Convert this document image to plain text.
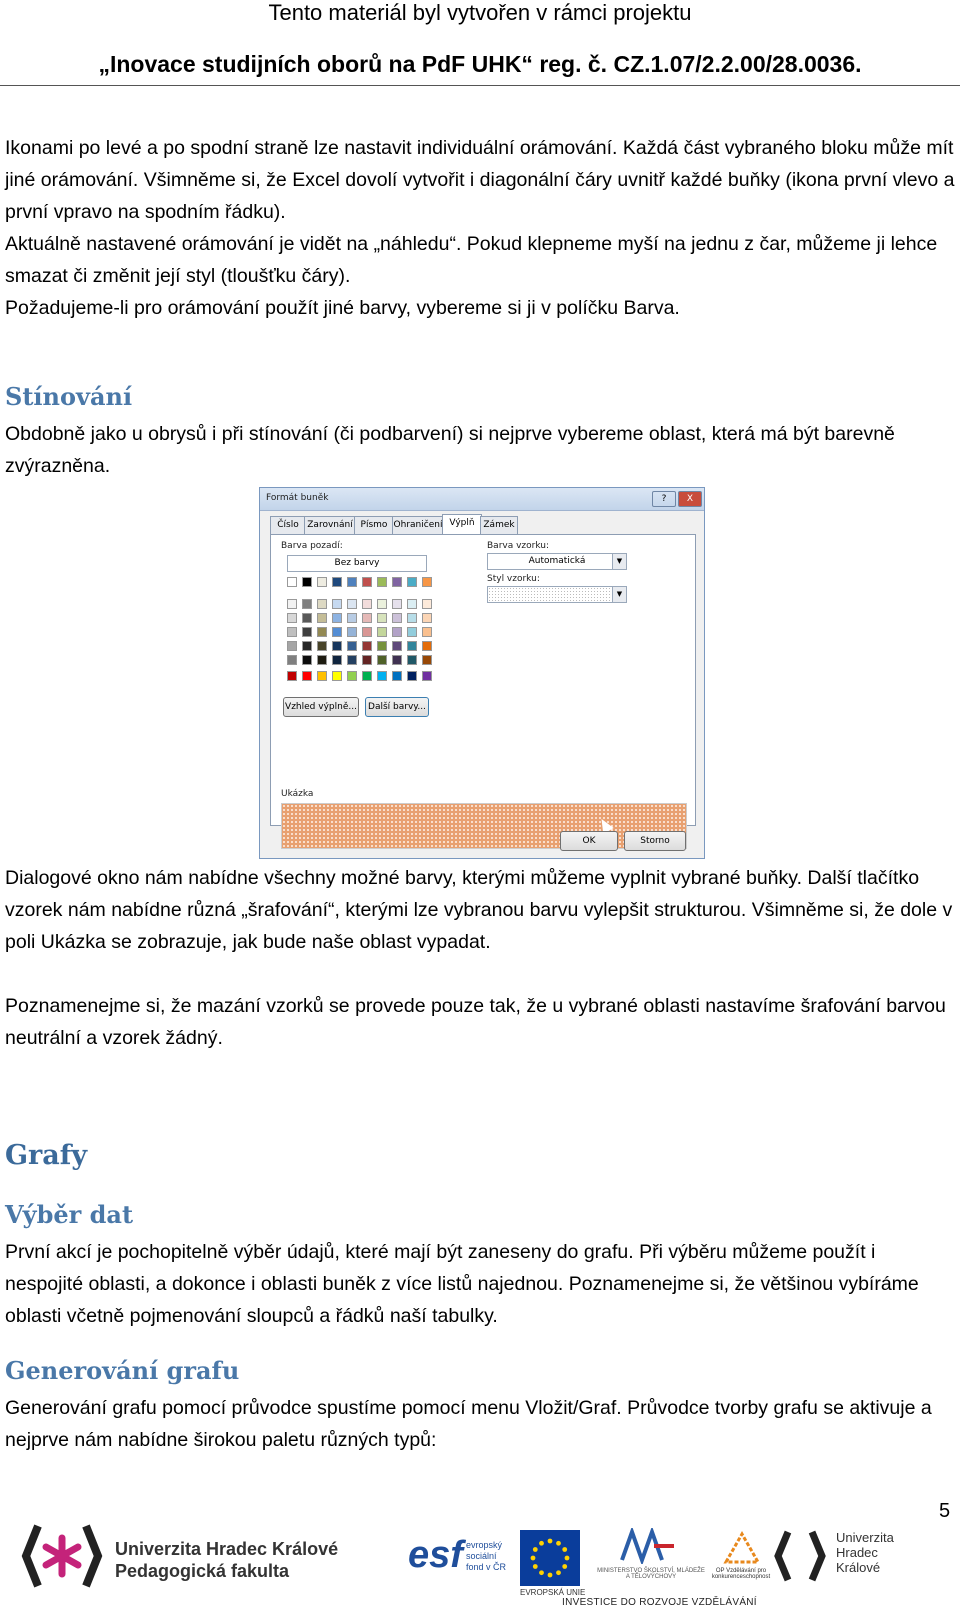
Tento materiál byl vytvořen v rámci projektu
„Inovace studijních oborů na PdF UHK“ reg. č. CZ.1.07/2.2.00/28.0036.
Ikonami po levé a po spodní straně lze nastavit individuální orámování. Každá část vybraného bloku může mít jiné orámování. Všimněme si, že Excel dovolí vytvořit i diagonální čáry uvnitř každé buňky (ikona první vlevo a první vpravo na spodním řádku).
Aktuálně nastavené orámování je vidět na „náhledu“. Pokud klepneme myší na jednu z čar, můžeme ji lehce smazat či změnit její styl (tloušťku čáry).
Požadujeme-li pro orámování použít jiné barvy, vybereme si ji v políčku Barva.
Stínování
Obdobně jako u obrysů i při stínování (či podbarvení) si nejprve vybereme oblast, která má být barevně zvýrazněna.
Formát buněk	?	X
Číslo Zarovnání Písmo Ohraničení Výplň Zámek
Barva pozadí:
Bez barvy
Vzhled výplně...	Další barvy...
Barva vzorku:
Automatická	▼
Styl vzorku:
▼
Ukázka
OK	Storno
Dialogové okno nám nabídne všechny možné barvy, kterými můžeme vyplnit vybrané buňky. Další tlačítko vzorek nám nabídne různá „šrafování“, kterými lze vybranou barvu vylepšit strukturou. Všimněme si, že dole v poli Ukázka se zobrazuje, jak bude naše oblast vypadat.
Poznamenejme si, že mazání vzorků se provede pouze tak, že u vybrané oblasti nastavíme šrafování barvou neutrální a vzorek žádný.
Grafy
Výběr dat
První akcí je pochopitelně výběr údajů, které mají být zaneseny do grafu. Při výběru můžeme použít i nespojité oblasti, a dokonce i oblasti buněk z více listů najednou. Poznamenejme si, že většinou vybíráme oblasti včetně pojmenování sloupců a řádků naší tabulky.
Generování grafu
Generování grafu pomocí průvodce spustíme pomocí menu Vložit/Graf. Průvodce tvorby grafu se aktivuje a nejprve nám nabídne širokou paletu různých typů:
5
Univerzita Hradec Králové
Pedagogická fakulta	esf evropský sociální fond v ČR
EVROPSKÁ UNIE
MINISTERSTVO ŠKOLSTVÍ, MLÁDEŽE A TĚLOVÝCHOVY
OP Vzdělávání pro konkurenceschopnost
INVESTICE DO ROZVOJE VZDĚLÁVÁNÍ
Univerzita
Hradec
Králové
